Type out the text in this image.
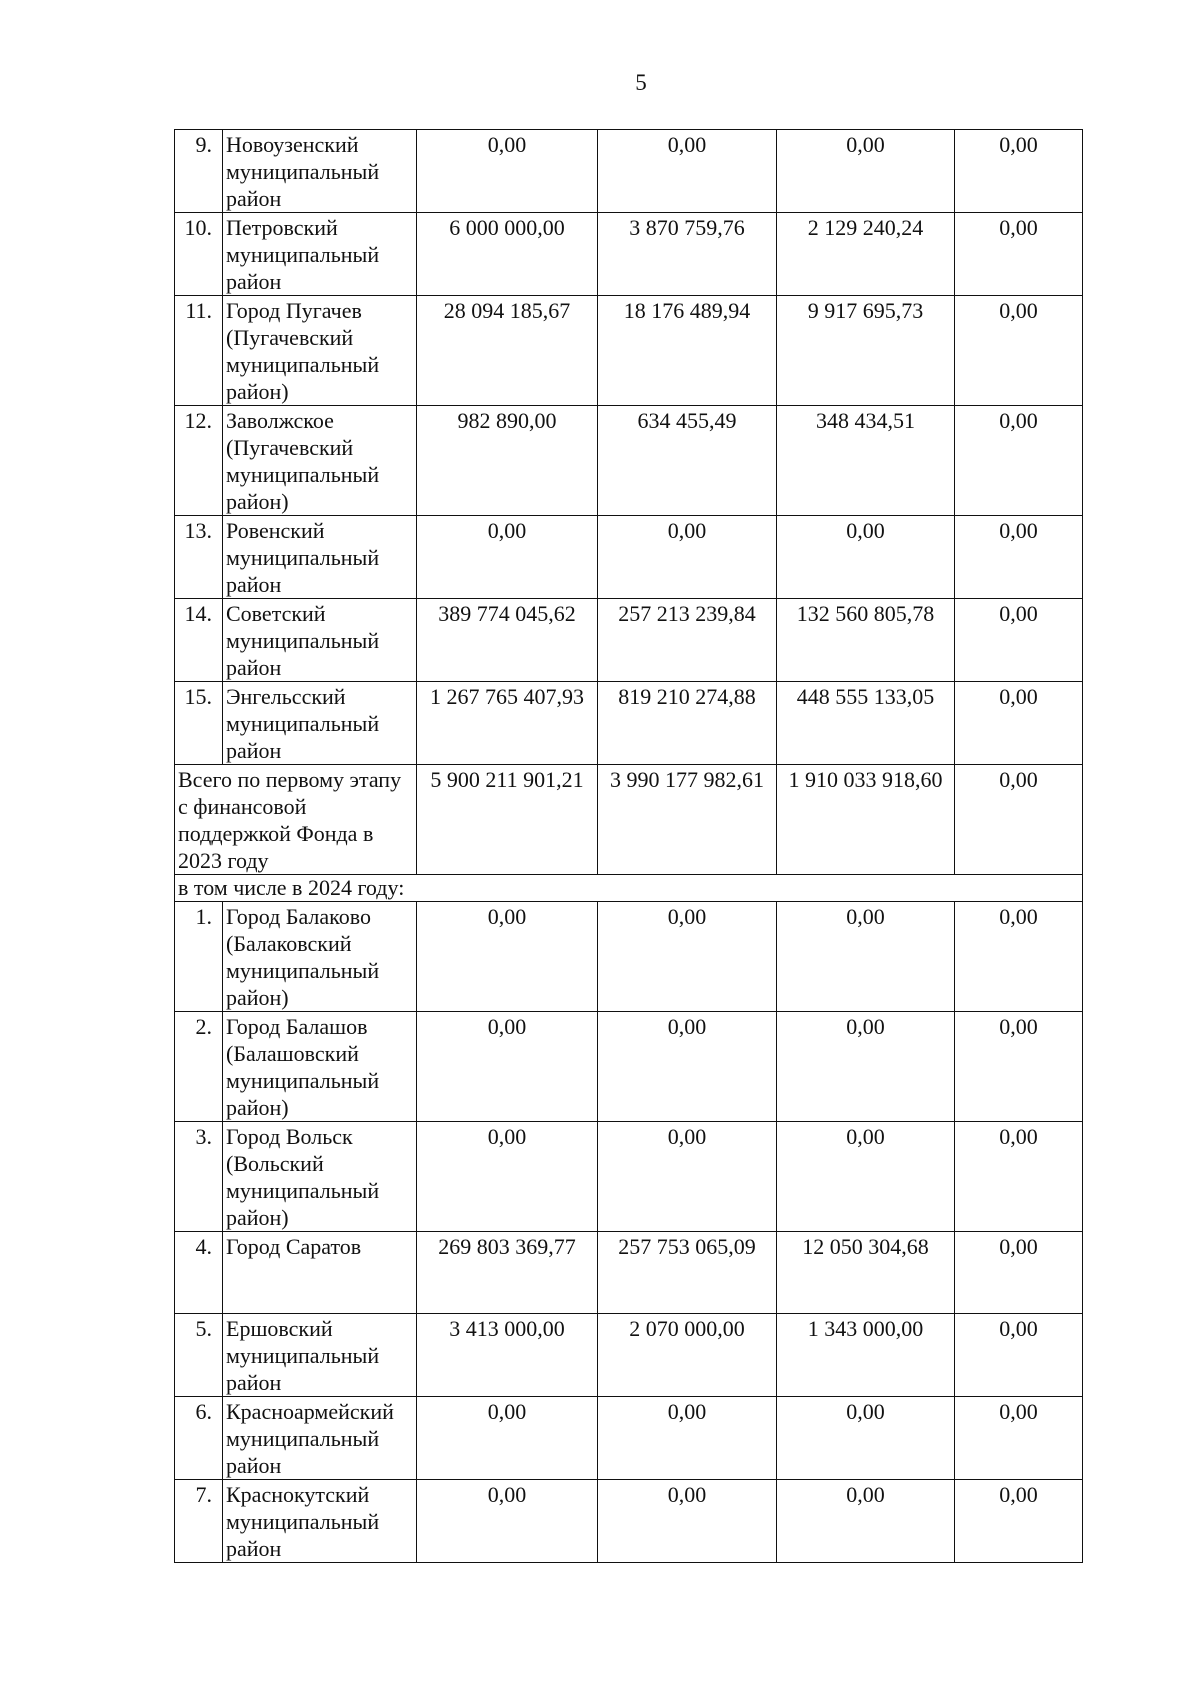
5
9.	Новоузенский муниципальный район	0,00	0,00	0,00	0,00
10.	Петровский муниципальный район	6 000 000,00	3 870 759,76	2 129 240,24	0,00
11.	Город Пугачев (Пугачевский муниципальный район)	28 094 185,67	18 176 489,94	9 917 695,73	0,00
12.	Заволжское (Пугачевский муниципальный район)	982 890,00	634 455,49	348 434,51	0,00
13.	Ровенский муниципальный район	0,00	0,00	0,00	0,00
14.	Советский муниципальный район	389 774 045,62	257 213 239,84	132 560 805,78	0,00
15.	Энгельсский муниципальный район	1 267 765 407,93	819 210 274,88	448 555 133,05	0,00
Всего по первому этапу с финансовой поддержкой Фонда в 2023 году		5 900 211 901,21	3 990 177 982,61	1 910 033 918,60	0,00
в том числе в 2024 году:					
1.	Город Балаково (Балаковский муниципальный район)	0,00	0,00	0,00	0,00
2.	Город Балашов (Балашовский муниципальный район)	0,00	0,00	0,00	0,00
3.	Город Вольск (Вольский муниципальный район)	0,00	0,00	0,00	0,00
4.	Город Саратов	269 803 369,77	257 753 065,09	12 050 304,68	0,00
5.	Ершовский муниципальный район	3 413 000,00	2 070 000,00	1 343 000,00	0,00
6.	Красноармейский муниципальный район	0,00	0,00	0,00	0,00
7.	Краснокутский муниципальный район	0,00	0,00	0,00	0,00
